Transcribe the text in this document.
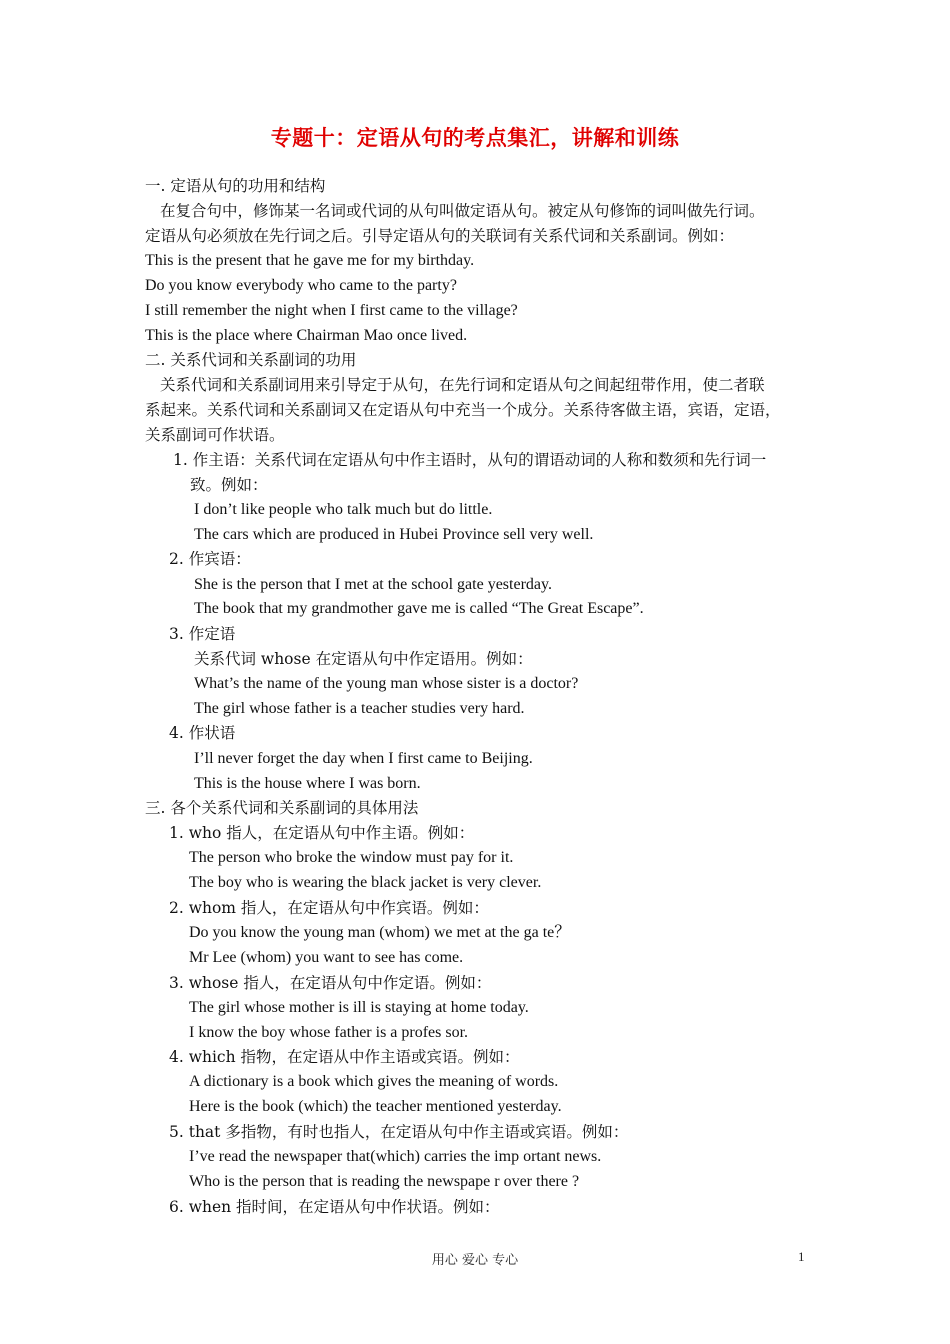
专题十：定语从句的考点集汇，讲解和训练
一. 定语从句的功用和结构
在复合句中，修饰某一名词或代词的从句叫做定语从句。被定从句修饰的词叫做先行词。
定语从句必须放在先行词之后。引导定语从句的关联词有关系代词和关系副词。例如：
This is the present that he gave me for my birthday.
Do you know everybody who came to the party?
I still remember the night when I first came to the village?
This is the place where Chairman Mao once lived.
二. 关系代词和关系副词的功用
关系代词和关系副词用来引导定于从句，在先行词和定语从句之间起纽带作用，使二者联
系起来。关系代词和关系副词又在定语从句中充当一个成分。关系待客做主语，宾语，定语，
关系副词可作状语。
1. 作主语：关系代词在定语从句中作主语时，从句的谓语动词的人称和数须和先行词一
致。例如：
I don’t like people who talk much but do little.
The cars which are produced in Hubei Province sell very well.
2. 作宾语：
She is the person that I met at the school gate yesterday.
The book that my grandmother gave me is called “The Great Escape”.
3. 作定语
关系代词 whose 在定语从句中作定语用。例如：
What’s the name of the young man whose sister is a doctor?
The girl whose father is a teacher studies very hard.
4. 作状语
I’ll never forget the day when I first came to Beijing.
This is the house where I was born.
三. 各个关系代词和关系副词的具体用法
1. who 指人，在定语从句中作主语。例如：
The person who broke the window must pay for it.
The boy who is wearing the black jacket is very clever.
2. whom 指人，在定语从句中作宾语。例如：
Do you know the young man (whom) we met at the ga te？
Mr Lee (whom) you want to see has come.
3. whose 指人，在定语从句中作定语。例如：
The girl whose mother is ill is staying at home today.
I know the boy whose father is a profes sor.
4. which 指物，在定语从中作主语或宾语。例如：
A dictionary is a book which gives the meaning of words.
Here is the book (which) the teacher mentioned yesterday.
5. that 多指物，有时也指人，在定语从句中作主语或宾语。例如：
I’ve read the newspaper that(which) carries the imp ortant news.
Who is the person that is reading the newspape r over there ?
6. when 指时间，在定语从句中作状语。例如：
用心 爱心 专心	1
